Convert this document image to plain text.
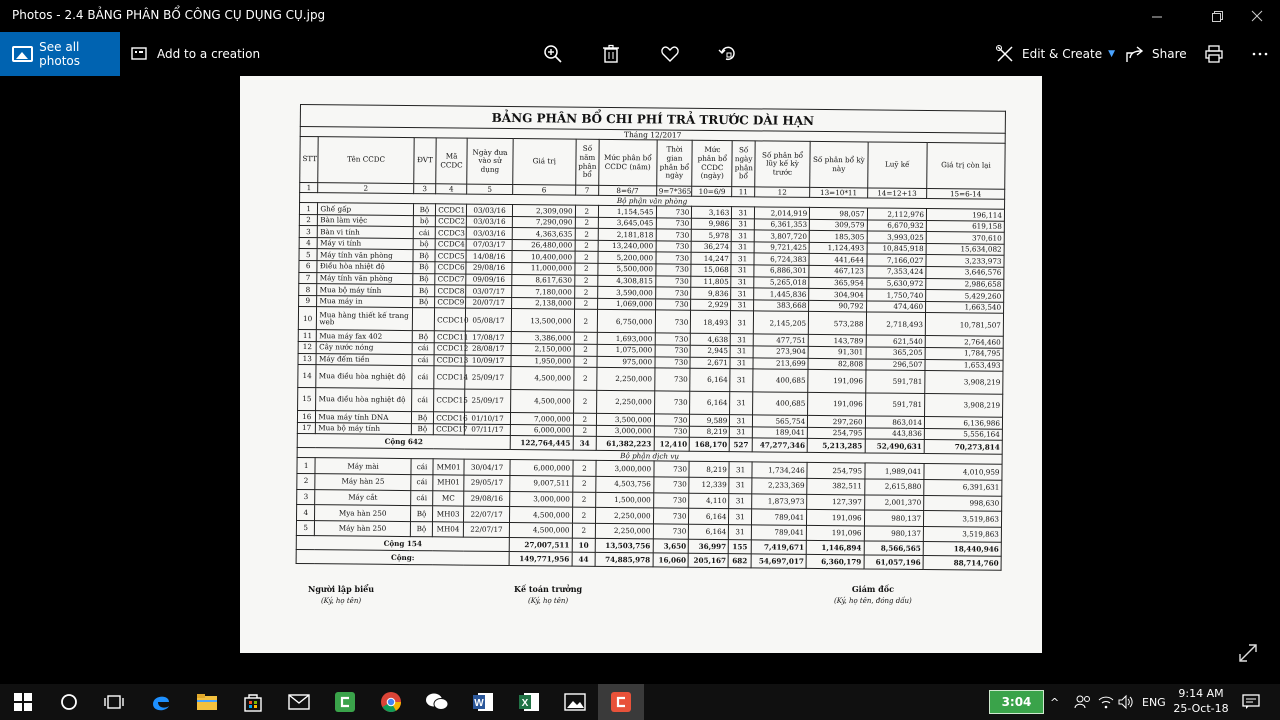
Photos - 2.4 BẢNG PHÂN BỔ CÔNG CỤ DỤNG CỤ.jpg
See all photos	Add to a creation	Edit & Create ▼	Share
BẢNG PHÂN BỔ CHI PHÍ TRẢ TRƯỚC DÀI HẠN
Tháng 12/2017
STT	Tên CCDC	ĐVT	Mã CCDC	Ngày đưa vào sử dụng	Giá trị	Số năm phân bổ	Mức phân bổ CCDC (năm)	Thời gian phân bổ ngày	Mức phân bổ CCDC (ngày)	Số ngày phân bổ	Số phân bổ lũy kế kỳ trước	Số phân bổ kỳ này	Luỹ kế	Giá trị còn lại
1	2	3	4	5	6	7	8=6/7	9=7*365	10=6/9	11	12	13=10*11	14=12+13	15=6-14
Bộ phận văn phòng														
1	Ghế gấp	Bộ	CCDC1	03/03/16	2,309,090	2	1,154,545	730	3,163	31	2,014,919	98,057	2,112,976	196,114
2	Bàn làm việc	bộ	CCDC2	03/03/16	7,290,090	2	3,645,045	730	9,986	31	6,361,353	309,579	6,670,932	619,158
3	Bàn vi tính	cái	CCDC3	03/03/16	4,363,635	2	2,181,818	730	5,978	31	3,807,720	185,305	3,993,025	370,610
4	Máy vi tính	bộ	CCDC4	07/03/17	26,480,000	2	13,240,000	730	36,274	31	9,721,425	1,124,493	10,845,918	15,634,082
5	Máy tính văn phòng	Bộ	CCDC5	14/08/16	10,400,000	2	5,200,000	730	14,247	31	6,724,383	441,644	7,166,027	3,233,973
6	Điều hòa nhiệt độ	Bộ	CCDC6	29/08/16	11,000,000	2	5,500,000	730	15,068	31	6,886,301	467,123	7,353,424	3,646,576
7	Máy tính văn phòng	Bộ	CCDC7	09/09/16	8,617,630	2	4,308,815	730	11,805	31	5,265,018	365,954	5,630,972	2,986,658
8	Mua bộ máy tính	Bộ	CCDC8	03/07/17	7,180,000	2	3,590,000	730	9,836	31	1,445,836	304,904	1,750,740	5,429,260
9	Mua máy in	Bộ	CCDC9	20/07/17	2,138,000	2	1,069,000	730	2,929	31	383,668	90,792	474,460	1,663,540
10	Mua hàng thiết kế trang web		CCDC10	05/08/17	13,500,000	2	6,750,000	730	18,493	31	2,145,205	573,288	2,718,493	10,781,507
11	Mua máy fax 402	Bộ	CCDC11	17/08/17	3,386,000	2	1,693,000	730	4,638	31	477,751	143,789	621,540	2,764,460
12	Cây nước nóng	cái	CCDC12	28/08/17	2,150,000	2	1,075,000	730	2,945	31	273,904	91,301	365,205	1,784,795
13	Máy đếm tiền	cái	CCDC13	10/09/17	1,950,000	2	975,000	730	2,671	31	213,699	82,808	296,507	1,653,493
14	Mua điều hòa nghiệt độ	cái	CCDC14	25/09/17	4,500,000	2	2,250,000	730	6,164	31	400,685	191,096	591,781	3,908,219
15	Mua điều hòa nghiệt độ	cái	CCDC15	25/09/17	4,500,000	2	2,250,000	730	6,164	31	400,685	191,096	591,781	3,908,219
16	Mua máy tính DNA	Bộ	CCDC16	01/10/17	7,000,000	2	3,500,000	730	9,589	31	565,754	297,260	863,014	6,136,986
17	Mua bộ máy tính	Bộ	CCDC17	07/11/17	6,000,000	2	3,000,000	730	8,219	31	189,041	254,795	443,836	5,556,164
Cộng 642					122,764,445	34	61,382,223	12,410	168,170	527	47,277,346	5,213,285	52,490,631	70,273,814
Bộ phận dịch vụ														
1	Máy mài	cái	MM01	30/04/17	6,000,000	2	3,000,000	730	8,219	31	1,734,246	254,795	1,989,041	4,010,959
2	Máy hàn 25	cái	MH01	29/05/17	9,007,511	2	4,503,756	730	12,339	31	2,233,369	382,511	2,615,880	6,391,631
3	Máy cắt	cái	MC	29/08/16	3,000,000	2	1,500,000	730	4,110	31	1,873,973	127,397	2,001,370	998,630
4	Mya hàn 250	Bộ	MH03	22/07/17	4,500,000	2	2,250,000	730	6,164	31	789,041	191,096	980,137	3,519,863
5	Máy hàn 250	Bộ	MH04	22/07/17	4,500,000	2	2,250,000	730	6,164	31	789,041	191,096	980,137	3,519,863
Cộng 154					27,007,511	10	13,503,756	3,650	36,997	155	7,419,671	1,146,894	8,566,565	18,440,946
Cộng:					149,771,956	44	74,885,978	16,060	205,167	682	54,697,017	6,360,179	61,057,196	88,714,760
Người lập biểu
(Ký, họ tên)
Kế toán trưởng
(Ký, họ tên)
Giám đốc
(Ký, họ tên, đóng dấu)
W	X	3:04	^	ENG
9:14 AM
25-Oct-18
